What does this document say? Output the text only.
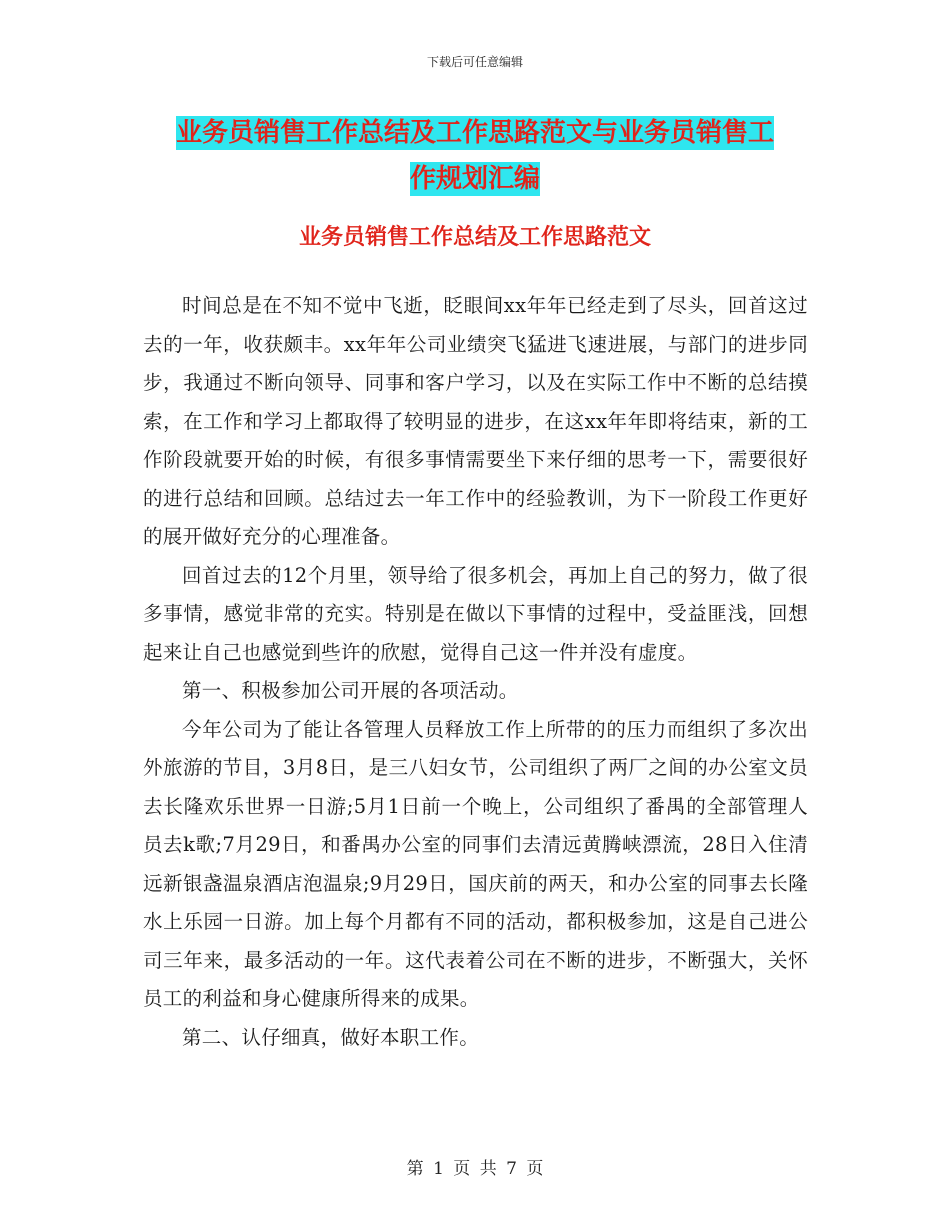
下载后可任意编辑
业务员销售工作总结及工作思路范文与业务员销售工
作规划汇编
业务员销售工作总结及工作思路范文

时间总是在不知不觉中飞逝，眨眼间xx年年已经走到了尽头，回首这过去的一年，收获颇丰。xx年年公司业绩突飞猛进飞速进展，与部门的进步同步，我通过不断向领导、同事和客户学习，以及在实际工作中不断的总结摸索，在工作和学习上都取得了较明显的进步，在这xx年年即将结束，新的工作阶段就要开始的时候，有很多事情需要坐下来仔细的思考一下，需要很好的进行总结和回顾。总结过去一年工作中的经验教训，为下一阶段工作更好的展开做好充分的心理准备。

回首过去的12个月里，领导给了很多机会，再加上自己的努力，做了很多事情，感觉非常的充实。特别是在做以下事情的过程中，受益匪浅，回想起来让自己也感觉到些许的欣慰，觉得自己这一件并没有虚度。

第一、积极参加公司开展的各项活动。

今年公司为了能让各管理人员释放工作上所带的的压力而组织了多次出外旅游的节目，3月8日，是三八妇女节，公司组织了两厂之间的办公室文员去长隆欢乐世界一日游;5月1日前一个晚上，公司组织了番禺的全部管理人员去k歌;7月29日，和番禺办公室的同事们去清远黄腾峡漂流，28日入住清远新银盏温泉酒店泡温泉;9月29日，国庆前的两天，和办公室的同事去长隆水上乐园一日游。加上每个月都有不同的活动，都积极参加，这是自己进公司三年来，最多活动的一年。这代表着公司在不断的进步，不断强大，关怀员工的利益和身心健康所得来的成果。

第二、认仔细真，做好本职工作。

第 1 页 共 7 页
